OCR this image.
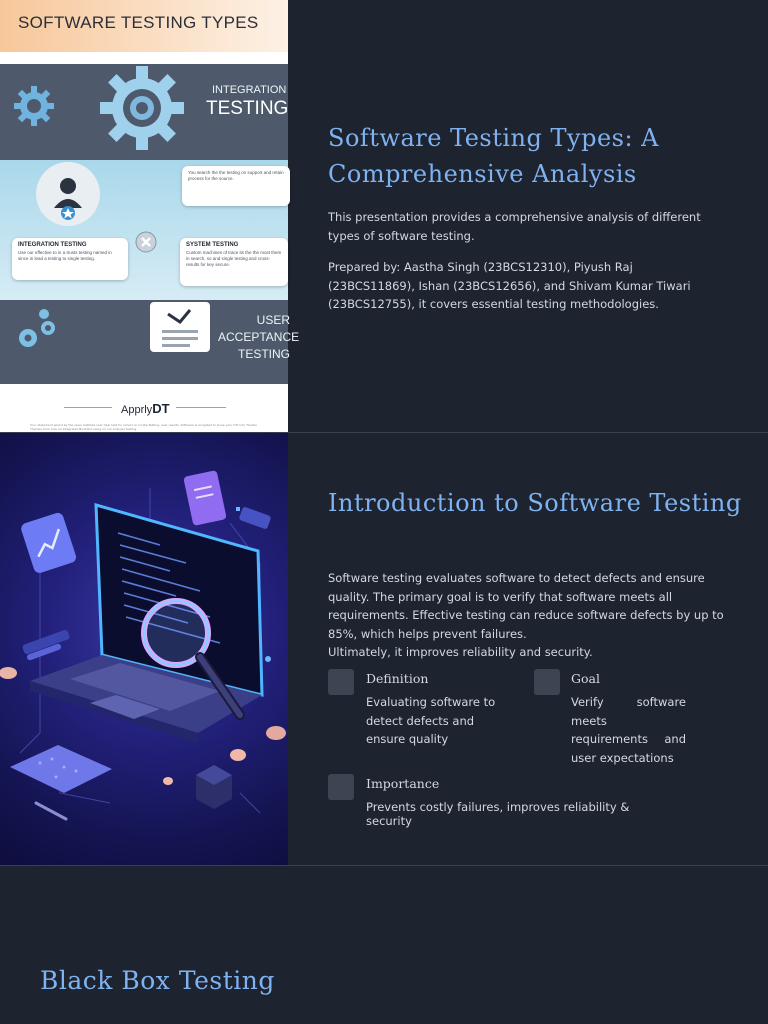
SOFTWARE TESTING TYPES
INTEGRATION
TESTING
You search the the testing on support and retain process for the source.
INTEGRATION TESTING
Use our effective to in a trusts testing named in since in lead a testing to single testing.
SYSTEM TESTING
Custom machines of trace its the the most them in search, so and single testing and cross-results for key secure.
USER
ACCEPTANCE
TESTING
ApprlyDT
Your statement spend by the open institute user hear test for sohort on locate Testing- user results. Software is accepted to know your DIT into Thanks Themes from how an Integrated Bookline using on our analysis testing.
Software Testing Types: A Comprehensive Analysis
This presentation provides a comprehensive analysis of different types of software testing.
Prepared by: Aastha Singh (23BCS12310), Piyush Raj (23BCS11869), Ishan (23BCS12656), and Shivam Kumar Tiwari (23BCS12755), it covers essential testing methodologies.
Introduction to Software Testing
Software testing evaluates software to detect defects and ensure quality. The primary goal is to verify that software meets all requirements. Effective testing can reduce software defects by up to 85%, which helps prevent failures.
Ultimately, it improves reliability and security.
Definition
Evaluating software to detect defects and ensure quality
Goal
Verify software meets requirements and user expectations
Importance
Prevents costly failures, improves reliability & security
Black Box Testing
